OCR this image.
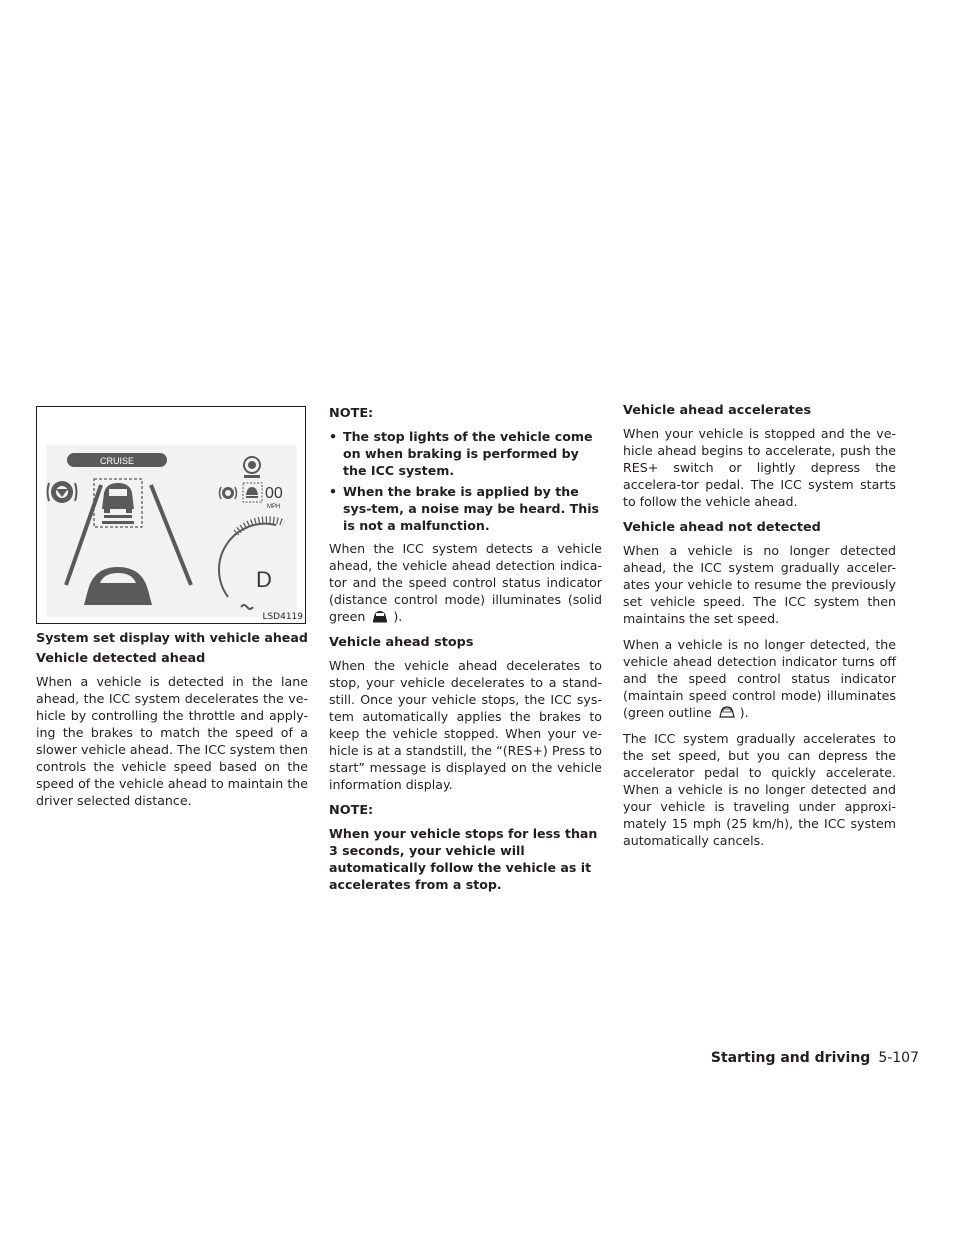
CRUISE
00
MPH
D
LSD4119
System set display with vehicle ahead
Vehicle detected ahead

When a vehicle is detected in the lane ahead, the ICC system decelerates the ve-hicle by controlling the throttle and apply-ing the brakes to match the speed of a slower vehicle ahead. The ICC system then controls the vehicle speed based on the speed of the vehicle ahead to maintain the driver selected distance.

NOTE:
• The stop lights of the vehicle come on when braking is performed by the ICC system.
• When the brake is applied by the sys-tem, a noise may be heard. This is not a malfunction.

When the ICC system detects a vehicle ahead, the vehicle ahead detection indica-tor and the speed control status indicator (distance control mode) illuminates (solid green ).

Vehicle ahead stops

When the vehicle ahead decelerates to stop, your vehicle decelerates to a stand-still. Once your vehicle stops, the ICC sys-tem automatically applies the brakes to keep the vehicle stopped. When your ve-hicle is at a standstill, the “(RES+) Press to start” message is displayed on the vehicle information display.

NOTE:

When your vehicle stops for less than 3 seconds, your vehicle will automatically follow the vehicle as it accelerates from a stop.

Vehicle ahead accelerates

When your vehicle is stopped and the ve-hicle ahead begins to accelerate, push the RES+ switch or lightly depress the accelera-tor pedal. The ICC system starts to follow the vehicle ahead.

Vehicle ahead not detected

When a vehicle is no longer detected ahead, the ICC system gradually acceler-ates your vehicle to resume the previously set vehicle speed. The ICC system then maintains the set speed.

When a vehicle is no longer detected, the vehicle ahead detection indicator turns off and the speed control status indicator (maintain speed control mode) illuminates (green outline ).

The ICC system gradually accelerates to the set speed, but you can depress the accelerator pedal to quickly accelerate. When a vehicle is no longer detected and your vehicle is traveling under approxi-mately 15 mph (25 km/h), the ICC system automatically cancels.

Starting and driving 5-107
